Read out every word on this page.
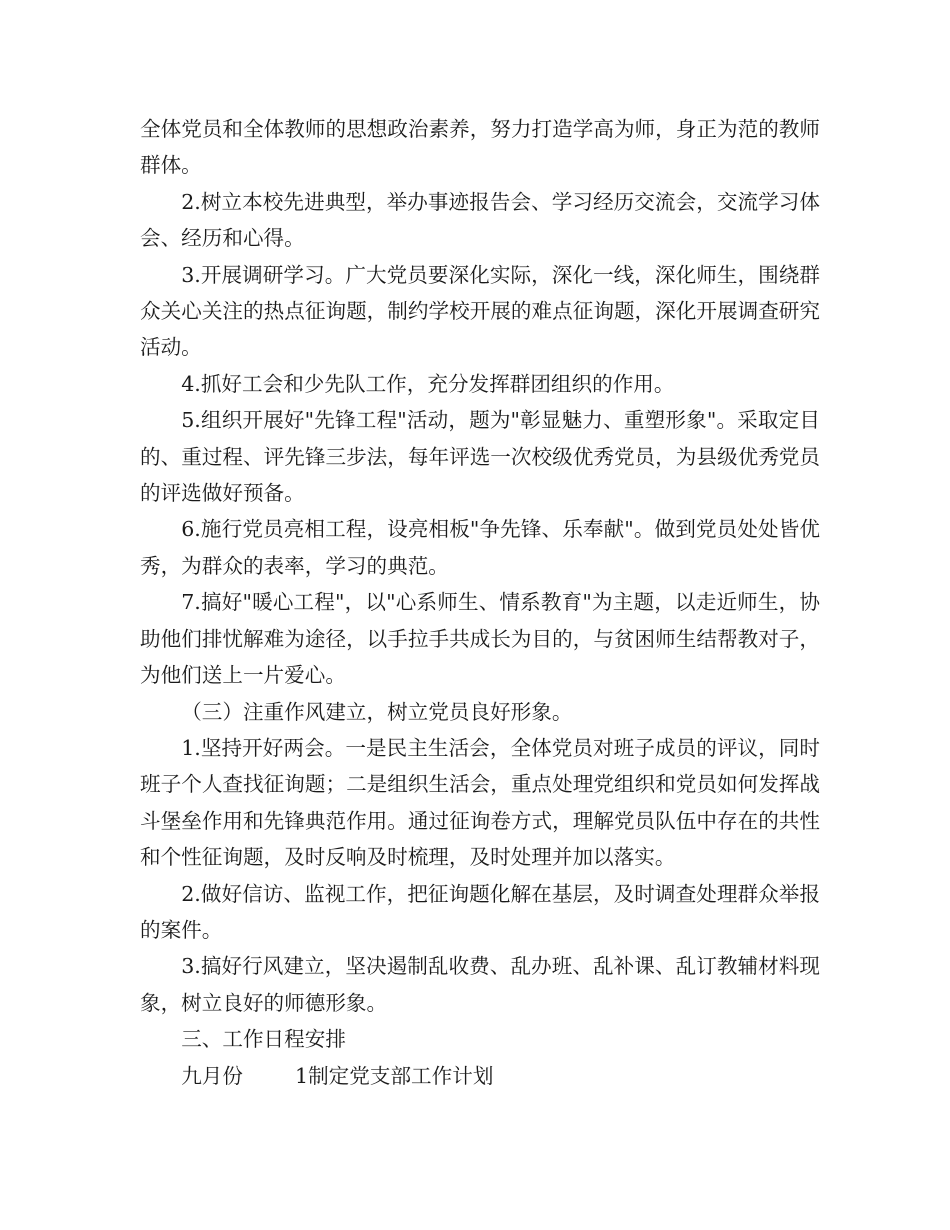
全体党员和全体教师的思想政治素养，努力打造学高为师，身正为范的教师群体。

2.树立本校先进典型，举办事迹报告会、学习经历交流会，交流学习体会、经历和心得。

3.开展调研学习。广大党员要深化实际，深化一线，深化师生，围绕群众关心关注的热点征询题，制约学校开展的难点征询题，深化开展调查研究活动。

4.抓好工会和少先队工作，充分发挥群团组织的作用。

5.组织开展好"先锋工程"活动，题为"彰显魅力、重塑形象"。采取定目的、重过程、评先锋三步法，每年评选一次校级优秀党员，为县级优秀党员的评选做好预备。

6.施行党员亮相工程，设亮相板"争先锋、乐奉献"。做到党员处处皆优秀，为群众的表率，学习的典范。

7.搞好"暖心工程"，以"心系师生、情系教育"为主题，以走近师生，协助他们排忧解难为途径，以手拉手共成长为目的，与贫困师生结帮教对子，为他们送上一片爱心。

（三）注重作风建立，树立党员良好形象。

1.坚持开好两会。一是民主生活会，全体党员对班子成员的评议，同时班子个人查找征询题；二是组织生活会，重点处理党组织和党员如何发挥战斗堡垒作用和先锋典范作用。通过征询卷方式，理解党员队伍中存在的共性和个性征询题，及时反响及时梳理，及时处理并加以落实。

2.做好信访、监视工作，把征询题化解在基层，及时调查处理群众举报的案件。

3.搞好行风建立，坚决遏制乱收费、乱办班、乱补课、乱订教辅材料现象，树立良好的师德形象。

三、工作日程安排

九月份	1制定党支部工作计划
